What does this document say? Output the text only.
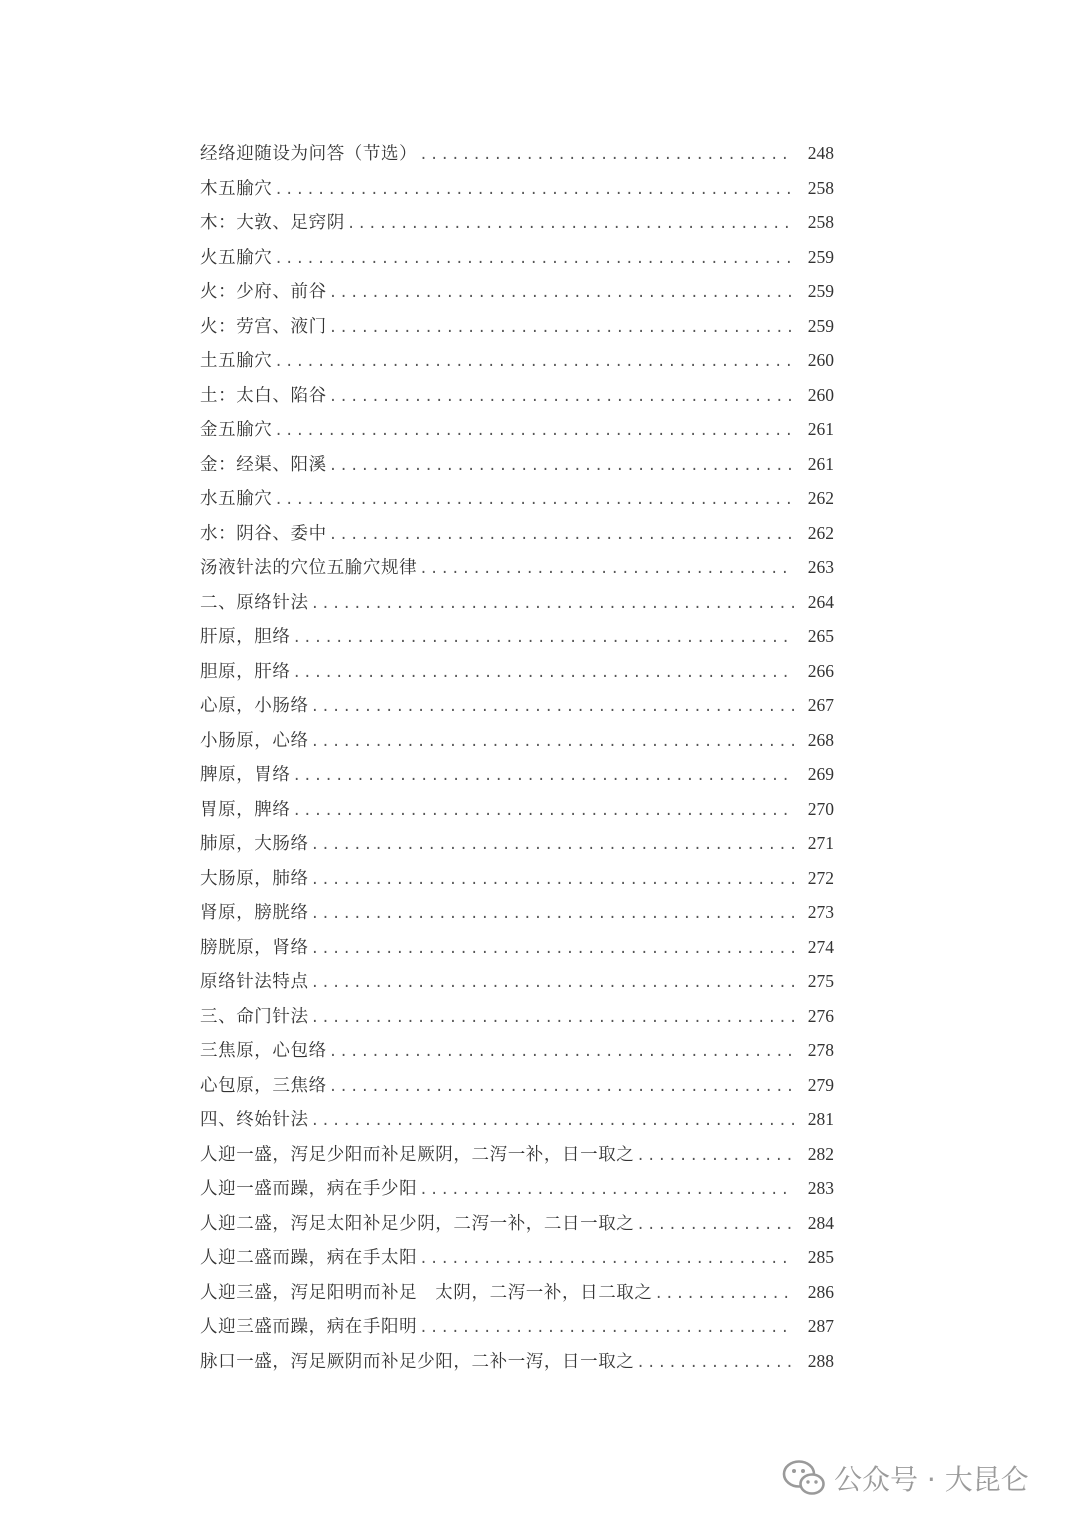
经络迎随设为问答（节选） .....	248
木五腧穴 .....	258
木：大敦、足窍阴 .....	258
火五腧穴 .....	259
火：少府、前谷 .....	259
火：劳宫、液门 .....	259
土五腧穴 .....	260
土：太白、陷谷 .....	260
金五腧穴 .....	261
金：经渠、阳溪 .....	261
水五腧穴 .....	262
水：阴谷、委中 .....	262
汤液针法的穴位五腧穴规律 .....	263
二、原络针法 .....	264
肝原，胆络 .....	265
胆原，肝络 .....	266
心原，小肠络 .....	267
小肠原，心络 .....	268
脾原，胃络 .....	269
胃原，脾络 .....	270
肺原，大肠络 .....	271
大肠原，肺络 .....	272
肾原，膀胱络 .....	273
膀胱原，肾络 .....	274
原络针法特点 .....	275
三、命门针法 .....	276
三焦原，心包络 .....	278
心包原，三焦络 .....	279
四、终始针法 .....	281
人迎一盛，泻足少阳而补足厥阴，二泻一补，日一取之 .....	282
人迎一盛而躁，病在手少阳 .....	283
人迎二盛，泻足太阳补足少阴，二泻一补，二日一取之 .....	284
人迎二盛而躁，病在手太阳 .....	285
人迎三盛，泻足阳明而补足　太阴，二泻一补，日二取之 .....	286
人迎三盛而躁，病在手阳明 .....	287
脉口一盛，泻足厥阴而补足少阳，二补一泻，日一取之 .....	288
公众号 · 大昆仑
